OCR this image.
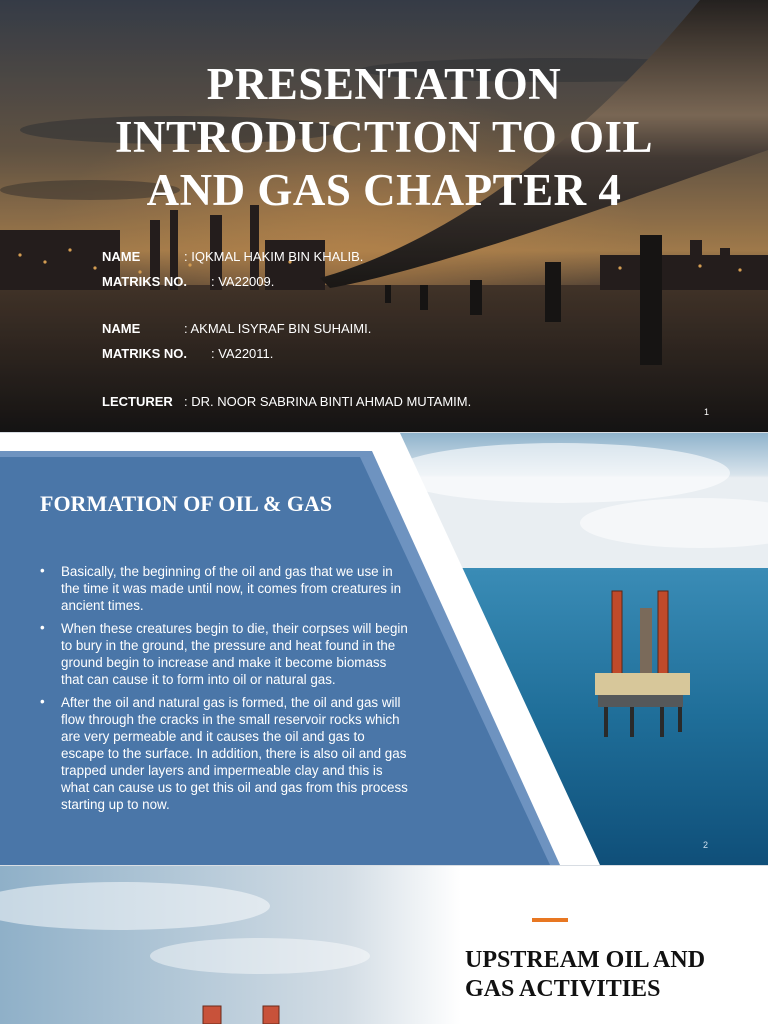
PRESENTATION
INTRODUCTION TO OIL
AND GAS CHAPTER 4
NAME	: IQKMAL HAKIM BIN KHALIB.
MATRIKS NO. : VA22009.
NAME	: AKMAL ISYRAF BIN SUHAIMI.
MATRIKS NO. : VA22011.
LECTURER : DR. NOOR SABRINA BINTI AHMAD MUTAMIM.
1
FORMATION OF OIL & GAS
• Basically, the beginning of the oil and gas that we use in the time it was made until now, it comes from creatures in ancient times.
• When these creatures begin to die, their corpses will begin to bury in the ground, the pressure and heat found in the ground begin to increase and make it become biomass that can cause it to form into oil or natural gas.
• After the oil and natural gas is formed, the oil and gas will flow through the cracks in the small reservoir rocks which are very permeable and it causes the oil and gas to escape to the surface. In addition, there is also oil and gas trapped under layers and impermeable clay and this is what can cause us to get this oil and gas from this process starting up to now.
2
UPSTREAM OIL AND
GAS ACTIVITIES
